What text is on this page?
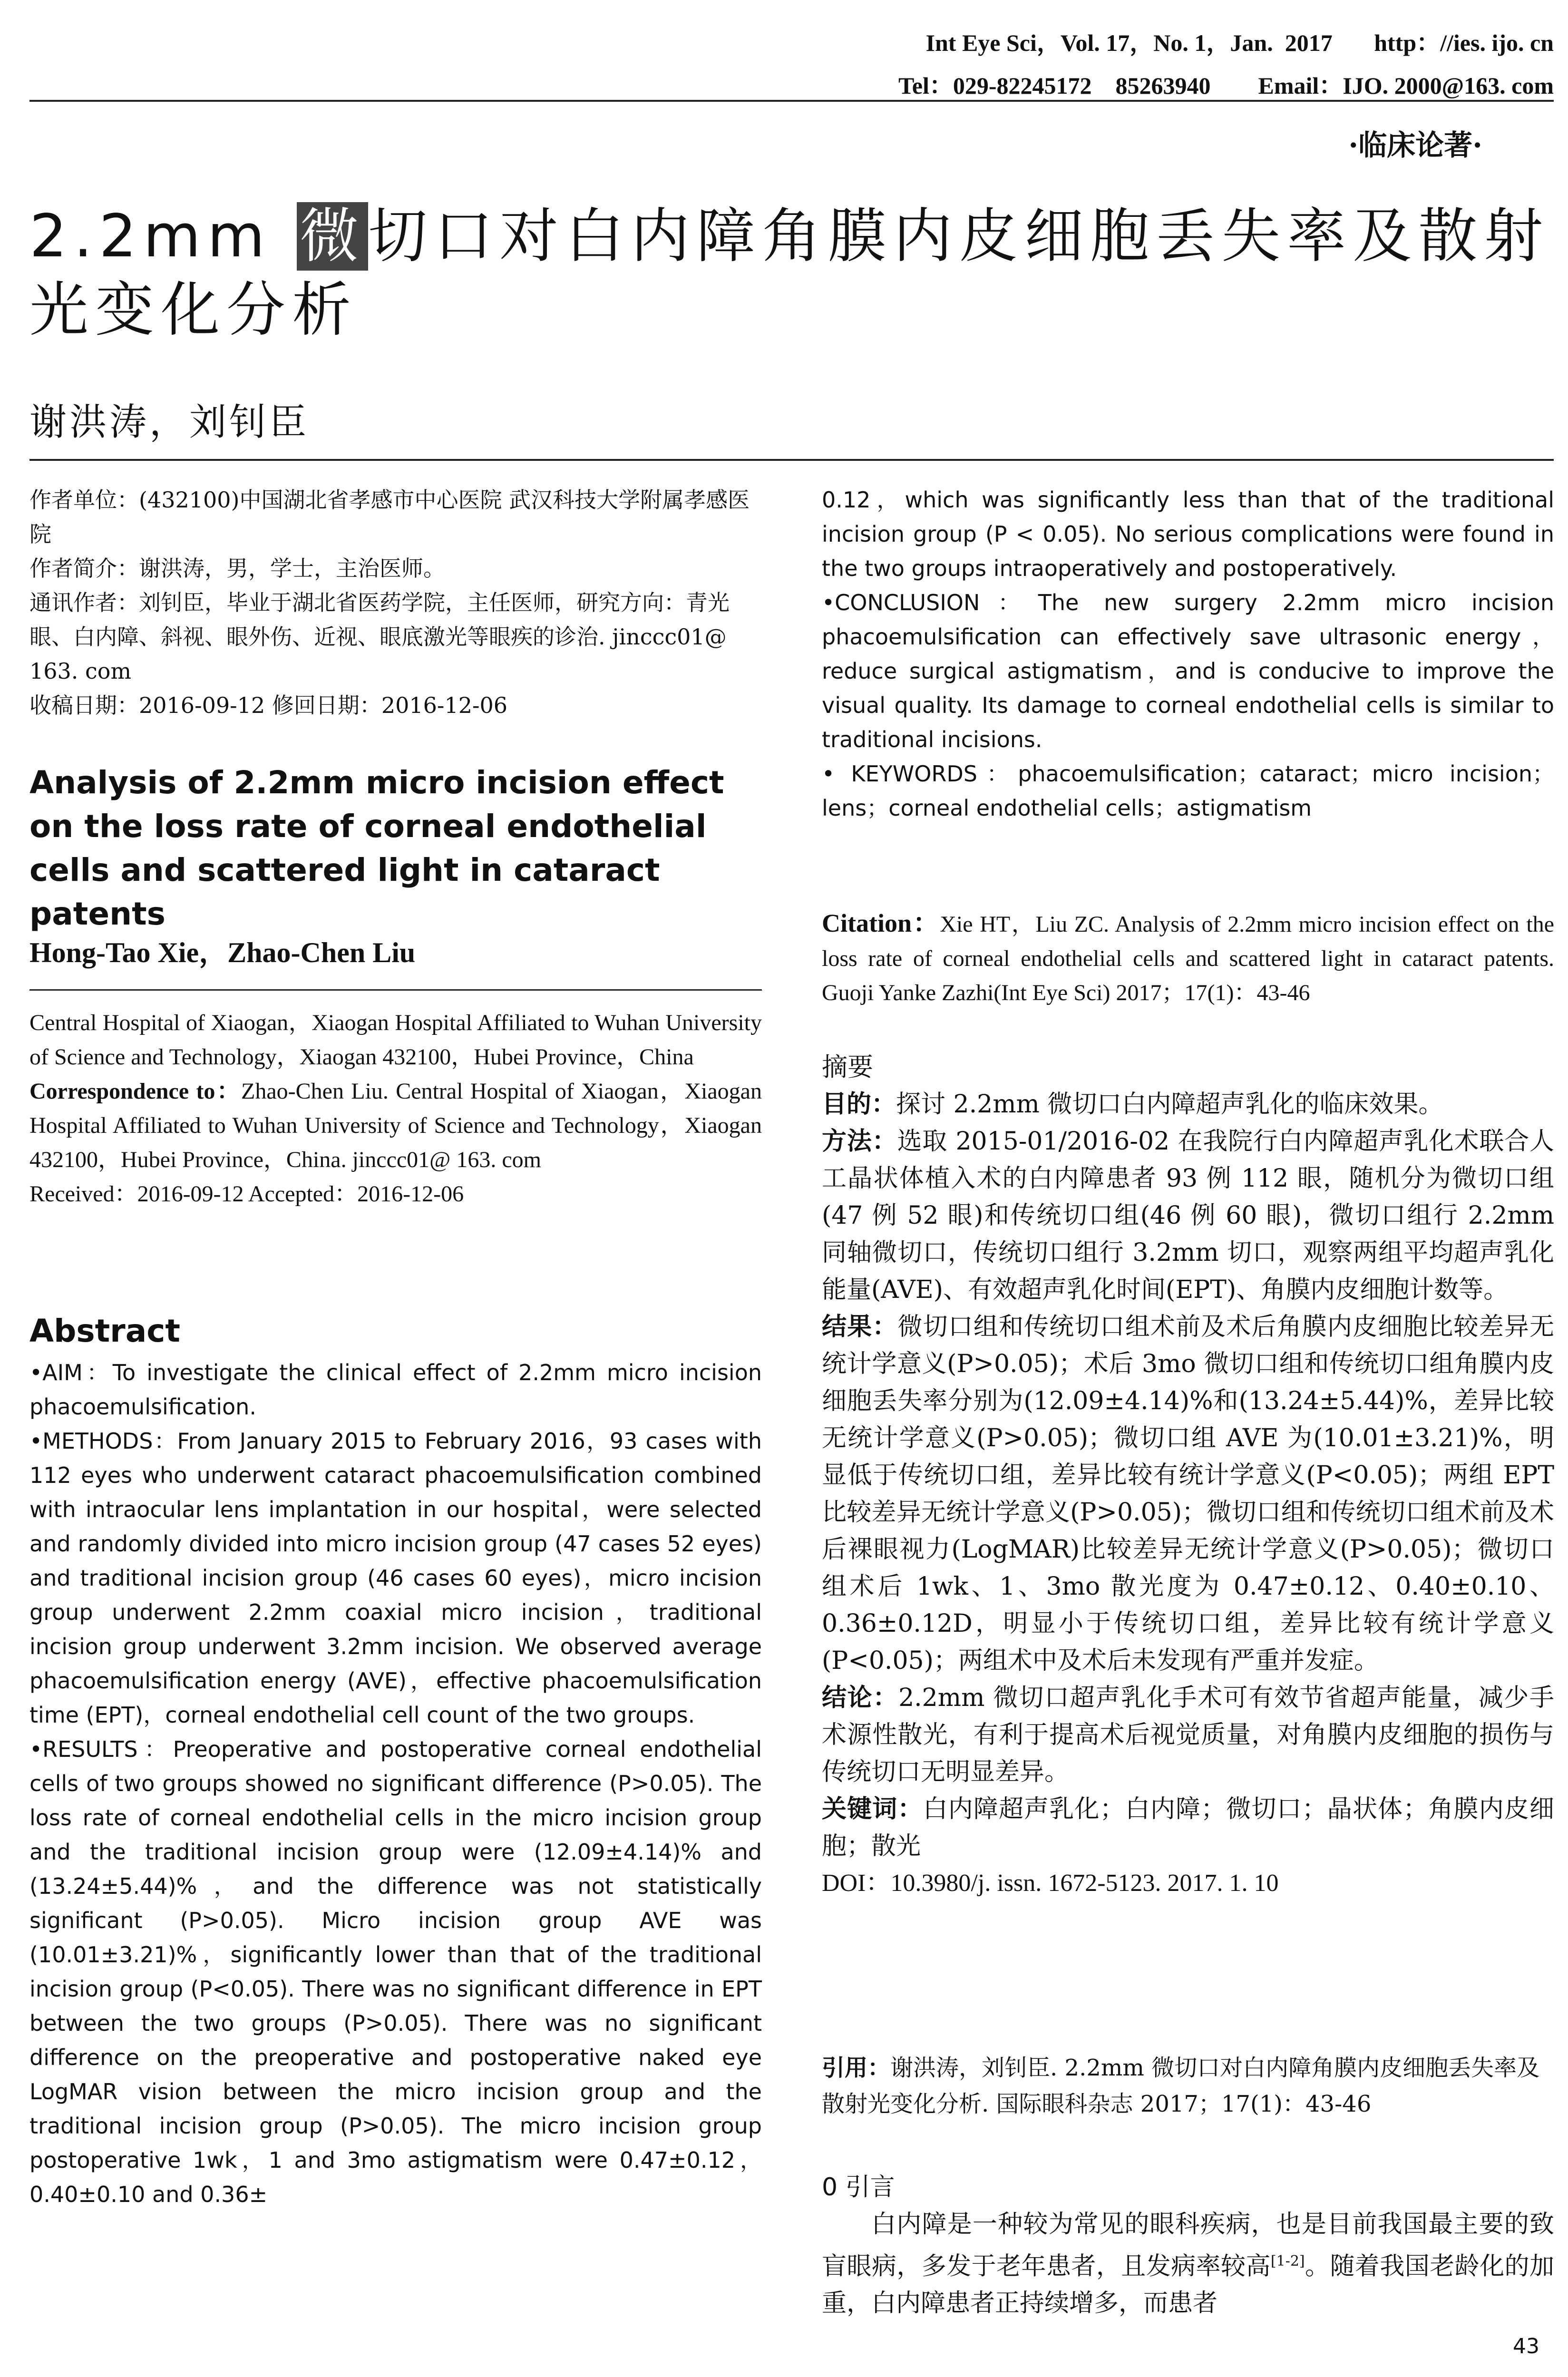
Int Eye Sci，Vol. 17，No. 1，Jan.  2017       http：//ies. ijo. cn
Tel：029-82245172    85263940        Email：IJO. 2000@163. com
·临床论著·
2.2mm 微切口对白内障角膜内皮细胞丢失率及散射光变化分析
谢洪涛，刘钊臣

作者单位：(432100)中国湖北省孝感市中心医院 武汉科技大学附属孝感医院

作者简介：谢洪涛，男，学士，主治医师。

通讯作者：刘钊臣，毕业于湖北省医药学院，主任医师，研究方向：青光眼、白内障、斜视、眼外伤、近视、眼底激光等眼疾的诊治. jinccc01@ 163. com

收稿日期：2016-09-12 修回日期：2016-12-06

Analysis of 2.2mm micro incision effect on the loss rate of corneal endothelial cells and scattered light in cataract patents
Hong-Tao Xie，Zhao-Chen Liu

Central Hospital of Xiaogan，Xiaogan Hospital Affiliated to Wuhan University of Science and Technology，Xiaogan 432100，Hubei Province，China

Correspondence to：Zhao-Chen Liu. Central Hospital of Xiaogan，Xiaogan Hospital Affiliated to Wuhan University of Science and Technology，Xiaogan 432100，Hubei Province，China. jinccc01@ 163. com

Received：2016-09-12 Accepted：2016-12-06

Abstract

•AIM：To investigate the clinical effect of 2.2mm micro incision phacoemulsification.

•METHODS：From January 2015 to February 2016，93 cases with 112 eyes who underwent cataract phacoemulsification combined with intraocular lens implantation in our hospital，were selected and randomly divided into micro incision group (47 cases 52 eyes) and traditional incision group (46 cases 60 eyes)，micro incision group underwent 2.2mm coaxial micro incision，traditional incision group underwent 3.2mm incision. We observed average phacoemulsification energy (AVE)，effective phacoemulsification time (EPT)，corneal endothelial cell count of the two groups.

•RESULTS：Preoperative and postoperative corneal endothelial cells of two groups showed no significant difference (P>0.05). The loss rate of corneal endothelial cells in the micro incision group and the traditional incision group were (12.09±4.14)% and (13.24±5.44)%，and the difference was not statistically significant (P>0.05). Micro incision group AVE was (10.01±3.21)%，significantly lower than that of the traditional incision group (P<0.05). There was no significant difference in EPT between the two groups (P>0.05). There was no significant difference on the preoperative and postoperative naked eye LogMAR vision between the micro incision group and the traditional incision group (P>0.05). The micro incision group postoperative 1wk，1 and 3mo astigmatism were 0.47±0.12，0.40±0.10 and 0.36±

0.12，which was significantly less than that of the traditional incision group (P < 0.05). No serious complications were found in the two groups intraoperatively and postoperatively.

•CONCLUSION：The new surgery 2.2mm micro incision phacoemulsification can effectively save ultrasonic energy，reduce surgical astigmatism，and is conducive to improve the visual quality. Its damage to corneal endothelial cells is similar to traditional incisions.

• KEYWORDS：phacoemulsification；cataract；micro incision；lens；corneal endothelial cells；astigmatism

Citation：Xie HT，Liu ZC. Analysis of 2.2mm micro incision effect on the loss rate of corneal endothelial cells and scattered light in cataract patents. Guoji Yanke Zazhi(Int Eye Sci) 2017；17(1)：43-46

摘要

目的：探讨 2.2mm 微切口白内障超声乳化的临床效果。

方法：选取 2015-01/2016-02 在我院行白内障超声乳化术联合人工晶状体植入术的白内障患者 93 例 112 眼，随机分为微切口组(47 例 52 眼)和传统切口组(46 例 60 眼)，微切口组行 2.2mm 同轴微切口，传统切口组行 3.2mm 切口，观察两组平均超声乳化能量(AVE)、有效超声乳化时间(EPT)、角膜内皮细胞计数等。

结果：微切口组和传统切口组术前及术后角膜内皮细胞比较差异无统计学意义(P>0.05)；术后 3mo 微切口组和传统切口组角膜内皮细胞丢失率分别为(12.09±4.14)%和(13.24±5.44)%，差异比较无统计学意义(P>0.05)；微切口组 AVE 为(10.01±3.21)%，明显低于传统切口组，差异比较有统计学意义(P<0.05)；两组 EPT 比较差异无统计学意义(P>0.05)；微切口组和传统切口组术前及术后裸眼视力(LogMAR)比较差异无统计学意义(P>0.05)；微切口组术后 1wk、1、3mo 散光度为 0.47±0.12、0.40±0.10、0.36±0.12D，明显小于传统切口组，差异比较有统计学意义(P<0.05)；两组术中及术后未发现有严重并发症。

结论：2.2mm 微切口超声乳化手术可有效节省超声能量，减少手术源性散光，有利于提高术后视觉质量，对角膜内皮细胞的损伤与传统切口无明显差异。

关键词：白内障超声乳化；白内障；微切口；晶状体；角膜内皮细胞；散光

DOI：10.3980/j. issn. 1672-5123. 2017. 1. 10

引用：谢洪涛，刘钊臣. 2.2mm 微切口对白内障角膜内皮细胞丢失率及散射光变化分析. 国际眼科杂志 2017；17(1)：43-46

0 引言

白内障是一种较为常见的眼科疾病，也是目前我国最主要的致盲眼病，多发于老年患者，且发病率较高[1-2]。随着我国老龄化的加重，白内障患者正持续增多，而患者

43
